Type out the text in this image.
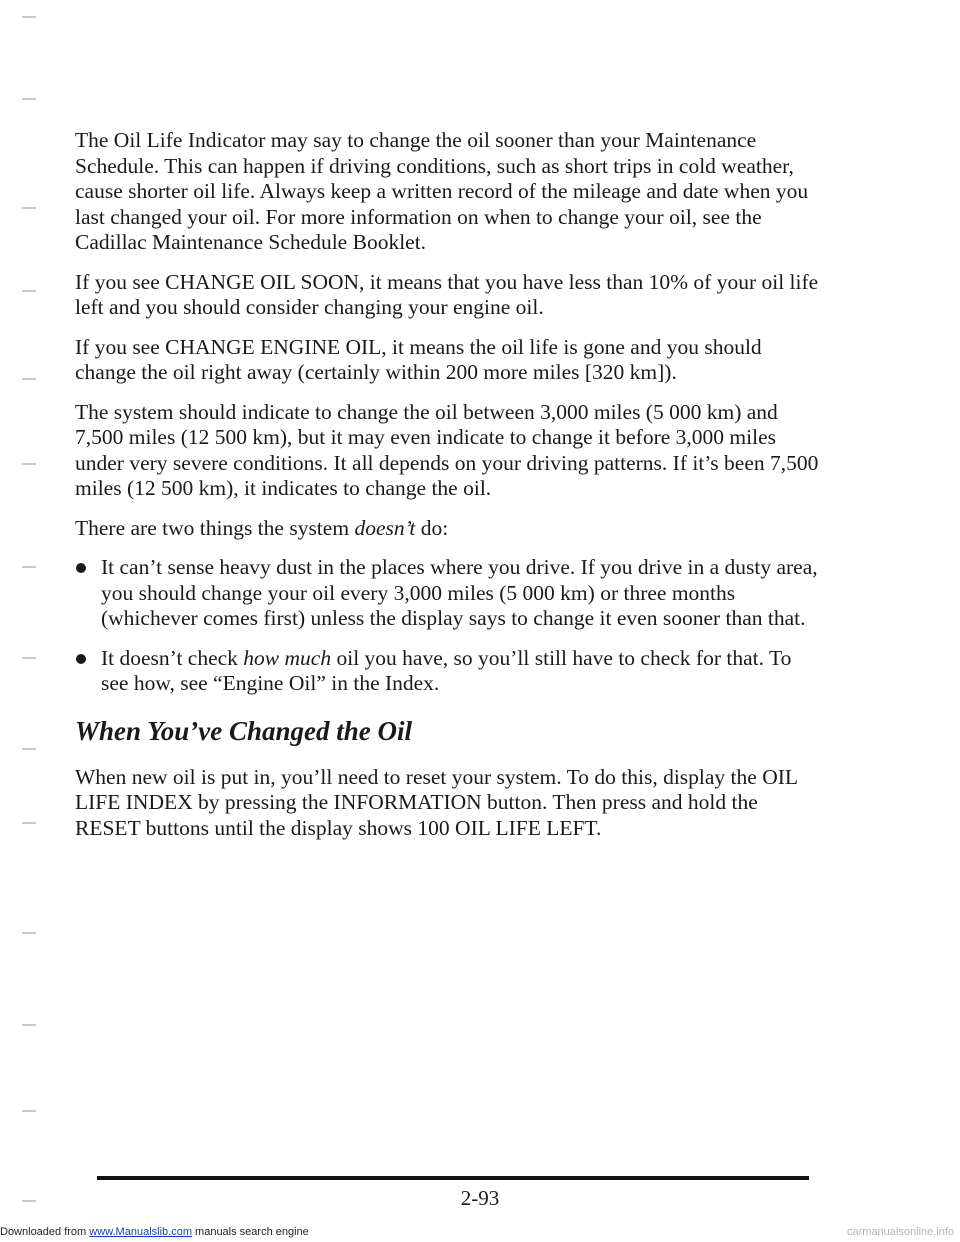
The Oil Life Indicator may say to change the oil sooner than your Maintenance Schedule. This can happen if driving conditions, such as short trips in cold weather, cause shorter oil life. Always keep a written record of the mileage and date when you last changed your oil. For more information on when to change your oil, see the Cadillac Maintenance Schedule Booklet.

If you see CHANGE OIL SOON, it means that you have less than 10% of your oil life left and you should consider changing your engine oil.

If you see CHANGE ENGINE OIL, it means the oil life is gone and you should change the oil right away (certainly within 200 more miles [320 km]).

The system should indicate to change the oil between 3,000 miles (5 000 km) and 7,500 miles (12 500 km), but it may even indicate to change it before 3,000 miles under very severe conditions. It all depends on your driving patterns. If it’s been 7,500 miles (12 500 km), it indicates to change the oil.

There are two things the system doesn’t do:

It can’t sense heavy dust in the places where you drive. If you drive in a dusty area, you should change your oil every 3,000 miles (5 000 km) or three months (whichever comes first) unless the display says to change it even sooner than that.
It doesn’t check how much oil you have, so you’ll still have to check for that. To see how, see “Engine Oil” in the Index.
When You’ve Changed the Oil

When new oil is put in, you’ll need to reset your system. To do this, display the OIL LIFE INDEX by pressing the INFORMATION button. Then press and hold the RESET buttons until the display shows 100 OIL LIFE LEFT.

2-93
Downloaded from www.Manualslib.com manuals search engine	carmanualsonline.info
